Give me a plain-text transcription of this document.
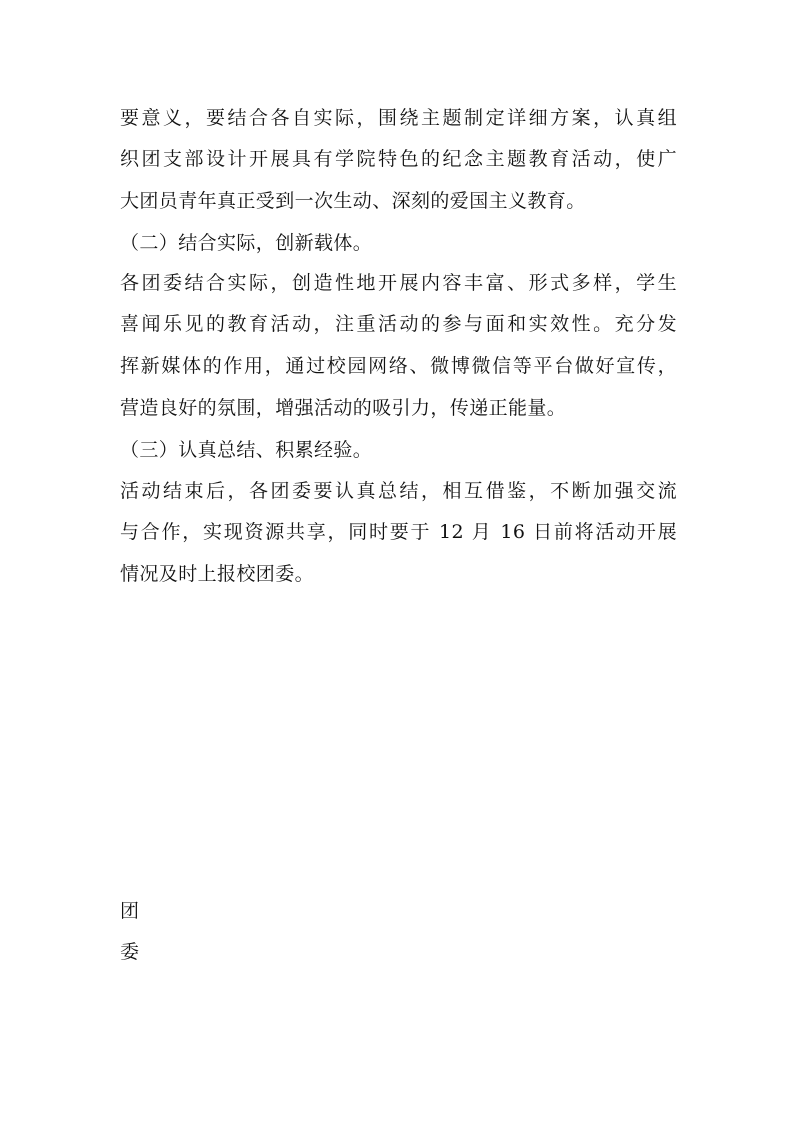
要意义，要结合各自实际，围绕主题制定详细方案，认真组
织团支部设计开展具有学院特色的纪念主题教育活动，使广
大团员青年真正受到一次生动、深刻的爱国主义教育。
（二）结合实际，创新载体。
各团委结合实际，创造性地开展内容丰富、形式多样，学生
喜闻乐见的教育活动，注重活动的参与面和实效性。充分发
挥新媒体的作用，通过校园网络、微博微信等平台做好宣传，
营造良好的氛围，增强活动的吸引力，传递正能量。
（三）认真总结、积累经验。
活动结束后，各团委要认真总结，相互借鉴，不断加强交流
与合作，实现资源共享，同时要于 12 月 16 日前将活动开展
情况及时上报校团委。
团
委
